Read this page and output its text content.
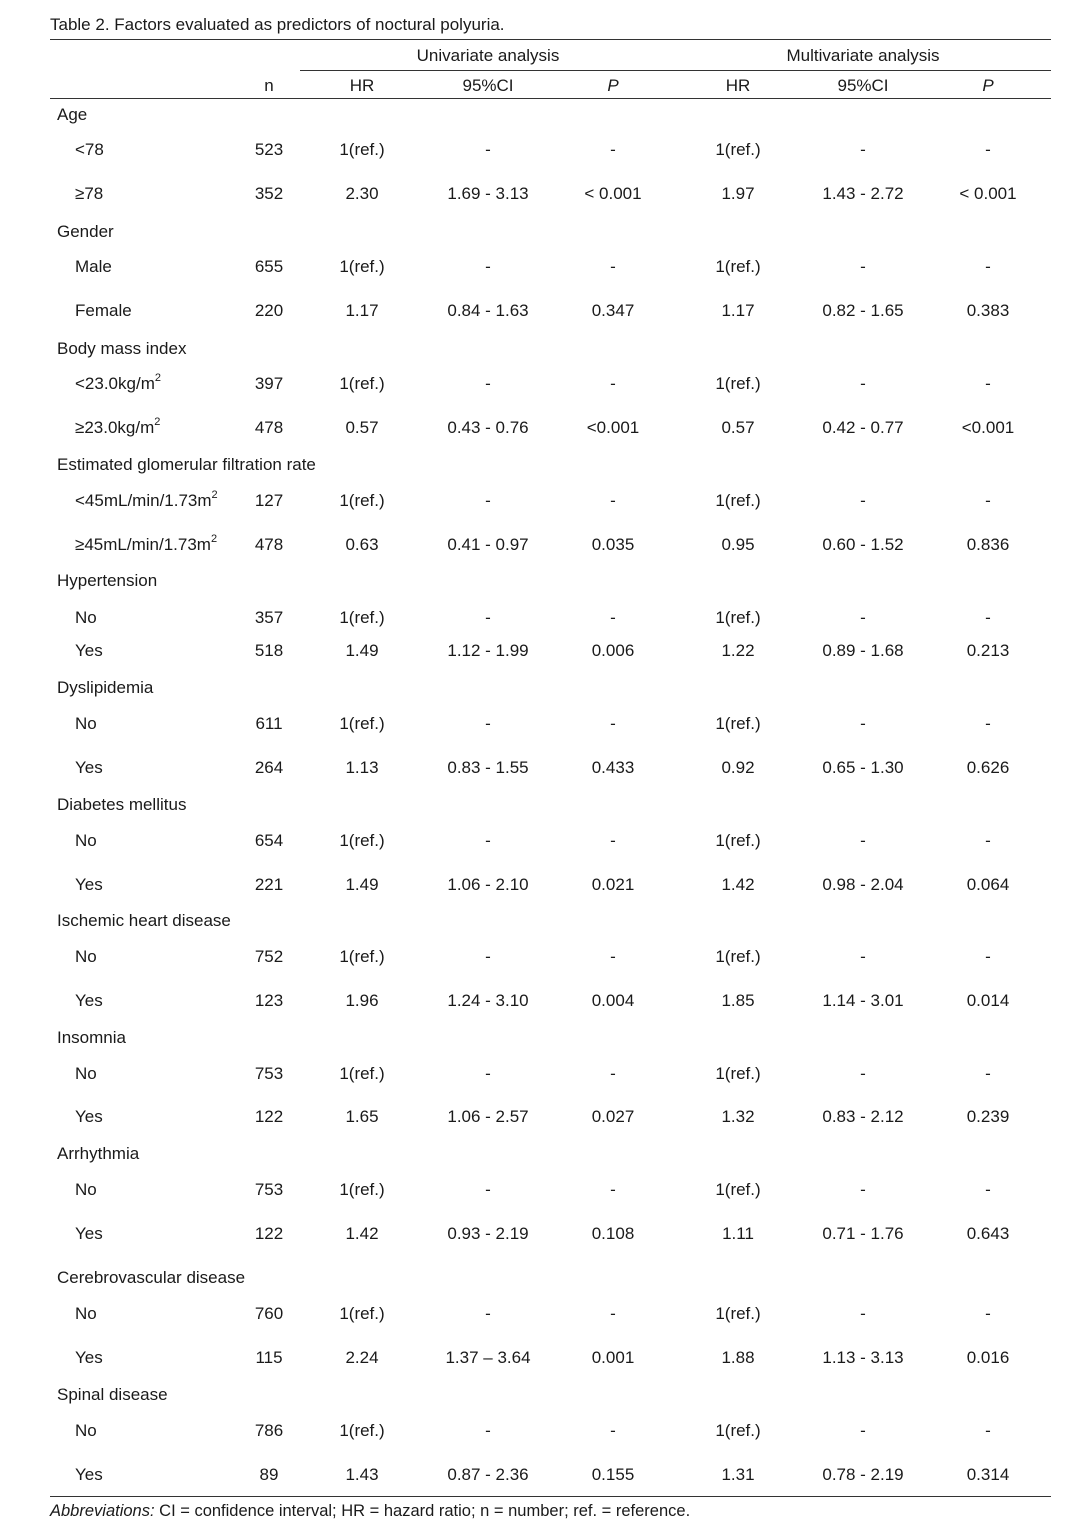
Table 2. Factors evaluated as predictors of noctural polyuria.
Univariate analysis	Multivariate analysis
n	HR	95%CI	P	HR	95%CI	P
Age
<78	523	1(ref.)	-	-	1(ref.)	-	-
≥78	352	2.30	1.69 - 3.13	< 0.001	1.97	1.43 - 2.72	< 0.001
Gender
Male	655	1(ref.)	-	-	1(ref.)	-	-
Female	220	1.17	0.84 - 1.63	0.347	1.17	0.82 - 1.65	0.383
Body mass index
$<23.0kg/m^2$	397	1(ref.)	-	-	1(ref.)	-	-
$\ge 23.0kg/m^2$	478	0.57	0.43 - 0.76	<0.001	0.57	0.42 - 0.77	<0.001
Estimated glomerular filtration rate
$<45mL/\min/1.73m^2$ 127	1(ref.)	-	-	1(ref.)	-	-
$\ge 45mL/\min/1.73m^2$ 478	0.63	0.41 - 0.97	0.035	0.95	0.60 - 1.52	0.836
Hypertension
No	357	1(ref.)	-	-	1(ref.)	-	-
Yes	518	1.49	1.12 - 1.99	0.006	1.22	0.89 - 1.68	0.213
Dyslipidemia
No	611	1(ref.)	-	-	1(ref.)	-	-
Yes	264	1.13	0.83 - 1.55	0.433	0.92	0.65 - 1.30	0.626
Diabetes mellitus
No	654	1(ref.)	-	-	1(ref.)	-	-
Yes	221	1.49	1.06 - 2.10	0.021	1.42	0.98 - 2.04	0.064
Ischemic heart disease
No	752	1(ref.)	-	-	1(ref.)	-	-
Yes	123	1.96	1.24 - 3.10	0.004	1.85	1.14 - 3.01	0.014
Insomnia
No	753	1(ref.)	-	-	1(ref.)	-	-
Yes	122	1.65	1.06 - 2.57	0.027	1.32	0.83 - 2.12	0.239
Arrhythmia
No	753	1(ref.)	-	-	1(ref.)	-	-
Yes	122	1.42	0.93 - 2.19	0.108	1.11	0.71 - 1.76	0.643
Cerebrovascular disease
No	760	1(ref.)	-	-	1(ref.)	-	-
Yes	115	2.24	1.37 – 3.64	0.001	1.88	1.13 - 3.13	0.016
Spinal disease
No	786	1(ref.)	-	-	1(ref.)	-	-
Yes	89	1.43	0.87 - 2.36	0.155	1.31	0.78 - 2.19	0.314
Abbreviations: CI = confidence interval; HR = hazard ratio; n = number; ref. = reference.
